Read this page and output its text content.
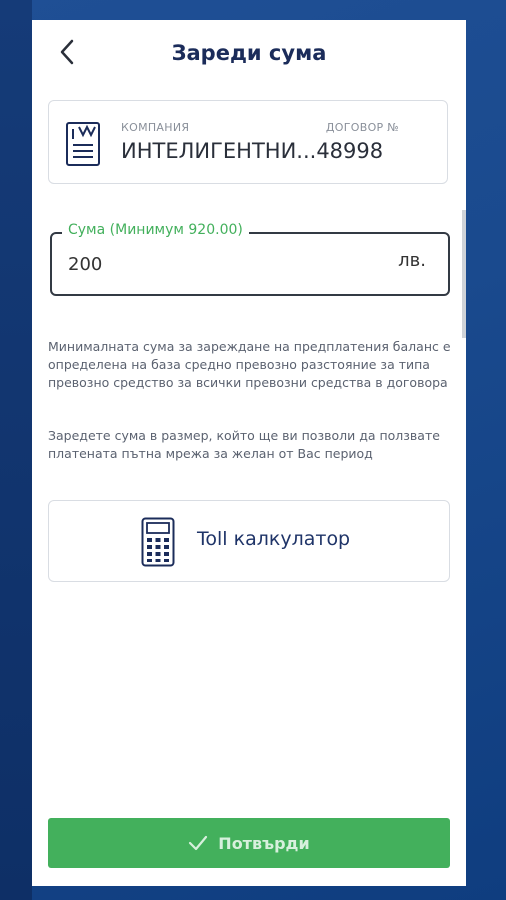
Зареди сума
КОМПАНИЯ	ДОГОВОР №
ИНТЕЛИГЕНТНИ...48998
200
лв.
Сума (Минимум 920.00)
Минималната сума за зареждане на предплатения баланс е определена на база средно превозно разстояние за типа превозно средство за всички превозни средства в договора
Заредете сума в размер, който ще ви позволи да ползвате платената пътна мрежа за желан от Вас период
Toll калкулатор
Потвърди
